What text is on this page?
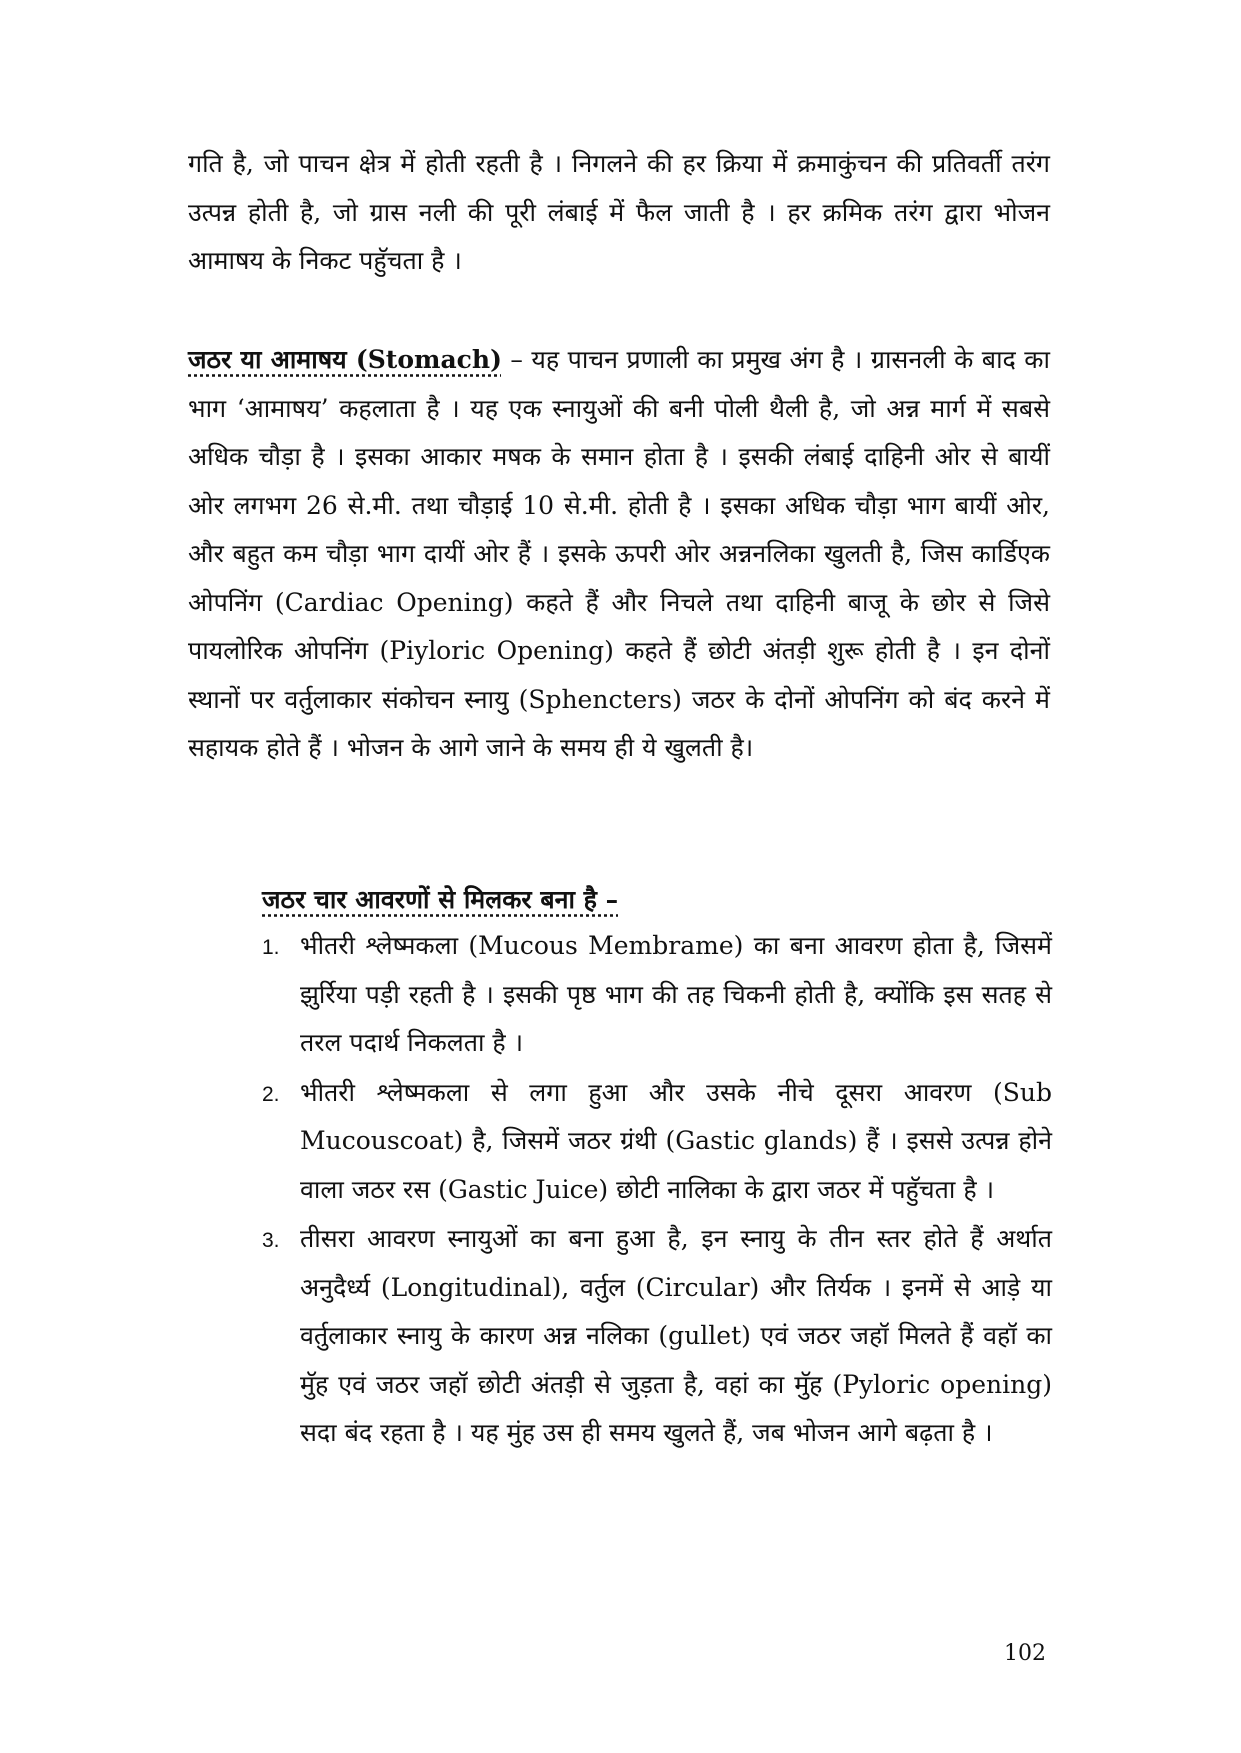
गति है, जो पाचन क्षेत्र में होती रहती है । निगलने की हर क्रिया में क्रमाकुंचन की प्रतिवर्ती तरंग उत्पन्न होती है, जो ग्रास नली की पूरी लंबाई में फैल जाती है । हर क्रमिक तरंग द्वारा भोजन आमाषय के निकट पहुॅचता है ।

जठर या आमाषय (Stomach) – यह पाचन प्रणाली का प्रमुख अंग है । ग्रासनली के बाद का भाग ‘आमाषय’ कहलाता है । यह एक स्नायुओं की बनी पोली थैली है, जो अन्न मार्ग में सबसे अधिक चौड़ा है । इसका आकार मषक के समान होता है । इसकी लंबाई दाहिनी ओर से बायीं ओर लगभग 26 से.मी. तथा चौड़ाई 10 से.मी. होती है । इसका अधिक चौड़ा भाग बायीं ओर, और बहुत कम चौड़ा भाग दायीं ओर हैं । इसके ऊपरी ओर अन्ननलिका खुलती है, जिस कार्डिएक ओपनिंग (Cardiac Opening) कहते हैं और निचले तथा दाहिनी बाजू के छोर से जिसे पायलोरिक ओपनिंग (Piyloric Opening) कहते हैं छोटी अंतड़ी शुरू होती है । इन दोनों स्थानों पर वर्तुलाकार संकोचन स्नायु (Sphencters) जठर के दोनों ओपनिंग को बंद करने में सहायक होते हैं । भोजन के आगे जाने के समय ही ये खुलती है।

जठर चार आवरणों से मिलकर बना है –

1. भीतरी श्लेष्मकला (Mucous Membrame) का बना आवरण होता है, जिसमें झुर्रिया पड़ी रहती है । इसकी पृष्ठ भाग की तह चिकनी होती है, क्योंकि इस सतह से तरल पदार्थ निकलता है ।
2. भीतरी श्लेष्मकला से लगा हुआ और उसके नीचे दूसरा आवरण (Sub Mucouscoat) है, जिसमें जठर ग्रंथी (Gastic glands) हैं । इससे उत्पन्न होने वाला जठर रस (Gastic Juice) छोटी नालिका के द्वारा जठर में पहुॅचता है ।
3. तीसरा आवरण स्नायुओं का बना हुआ है, इन स्नायु के तीन स्तर होते हैं अर्थात अनुदैर्ध्य (Longitudinal), वर्तुल (Circular) और तिर्यक । इनमें से आड़े या वर्तुलाकार स्नायु के कारण अन्न नलिका (gullet) एवं जठर जहॉ मिलते हैं वहॉ का मुॅह एवं जठर जहॉ छोटी अंतड़ी से जुड़ता है, वहां का मुॅह (Pyloric opening) सदा बंद रहता है । यह मुंह उस ही समय खुलते हैं, जब भोजन आगे बढ़ता है ।

102
